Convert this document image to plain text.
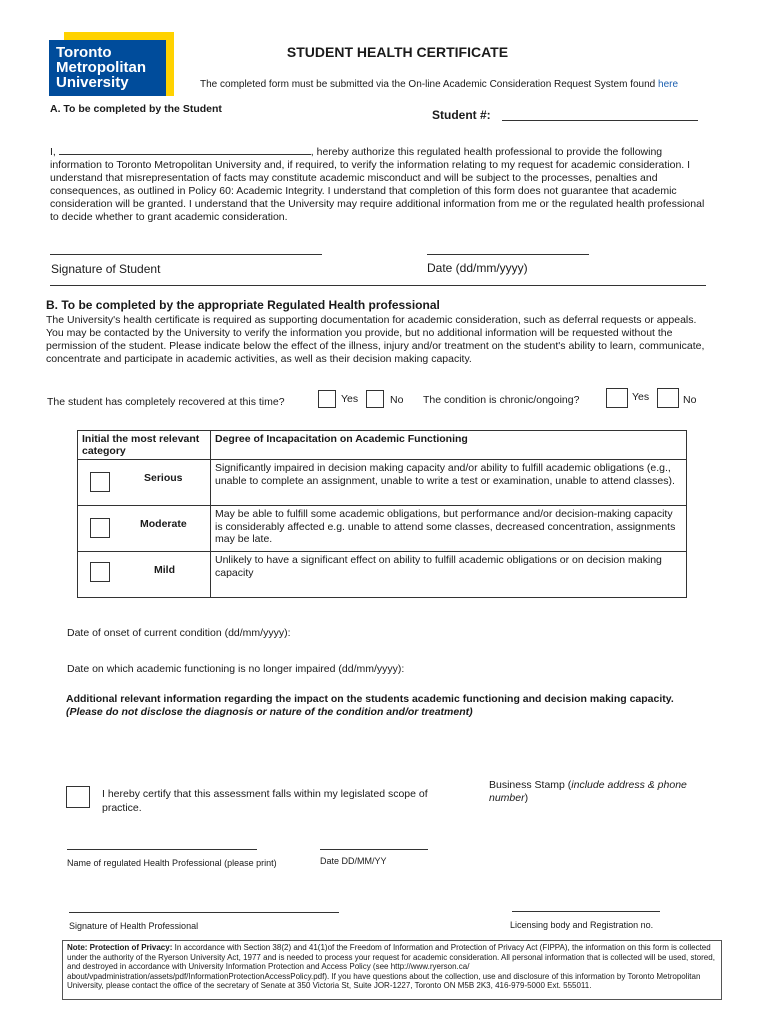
Toronto
Metropolitan
University
STUDENT HEALTH CERTIFICATE
The completed form must be submitted via the On-line Academic Consideration Request System found here
A. To be completed by the Student	Student #:
I,	, hereby authorize this regulated health professional to provide the following information to Toronto Metropolitan University and, if required, to verify the information relating to my request for academic consideration. I understand that misrepresentation of facts may constitute academic misconduct and will be subject to the processes, penalties and consequences, as outlined in Policy 60: Academic Integrity. I understand that completion of this form does not guarantee that academic consideration will be granted. I understand that the University may require additional information from me or the regulated health professional to decide whether to grant academic consideration.
Signature of Student	Date (dd/mm/yyyy)
B. To be completed by the appropriate Regulated Health professional
The University's health certificate is required as supporting documentation for academic consideration, such as deferral requests or appeals. You may be contacted by the University to verify the information you provide, but no additional information will be requested without the permission of the student. Please indicate below the effect of the illness, injury and/or treatment on the student's ability to learn, communicate, concentrate and participate in academic activities, as well as their decision making capacity.
The student has completely recovered at this time?	Yes	No The condition is chronic/ongoing?	Yes	No
Initial the most relevant category	Degree of Incapacitation on Academic Functioning

Serious	Significantly impaired in decision making capacity and/or ability to fulfill academic obligations (e.g., unable to complete an assignment, unable to write a test or examination, unable to attend classes).

Moderate	May be able to fulfill some academic obligations, but performance and/or decision-making capacity is considerably affected e.g. unable to attend some classes, decreased concentration, assignments may be late.

Mild	Unlikely to have a significant effect on ability to fulfill academic obligations or on decision making capacity
Date of onset of current condition (dd/mm/yyyy):
Date on which academic functioning is no longer impaired (dd/mm/yyyy):
Additional relevant information regarding the impact on the students academic functioning and decision making capacity. (Please do not disclose the diagnosis or nature of the condition and/or treatment)
I hereby certify that this assessment falls within my legislated scope of practice.
Business Stamp (include address & phone number)
Name of regulated Health Professional (please print)	Date DD/MM/YY
Signature of Health Professional	Licensing body and Registration no.
Note: Protection of Privacy: In accordance with Section 38(2) and 41(1)of the Freedom of Information and Protection of Privacy Act (FIPPA), the information on this form is collected under the authority of the Ryerson University Act, 1977 and is needed to process your request for academic consideration. All personal information that is collected will be used, stored, and destroyed in accordance with University Information Protection and Access Policy (see http://www.ryerson.ca/ about/vpadministration/assets/pdf/InformationProtectionAccessPolicy.pdf). If you have questions about the collection, use and disclosure of this information by Toronto Metropolitan University, please contact the office of the secretary of Senate at 350 Victoria St, Suite JOR-1227, Toronto ON M5B 2K3, 416-979-5000 Ext. 555011.
